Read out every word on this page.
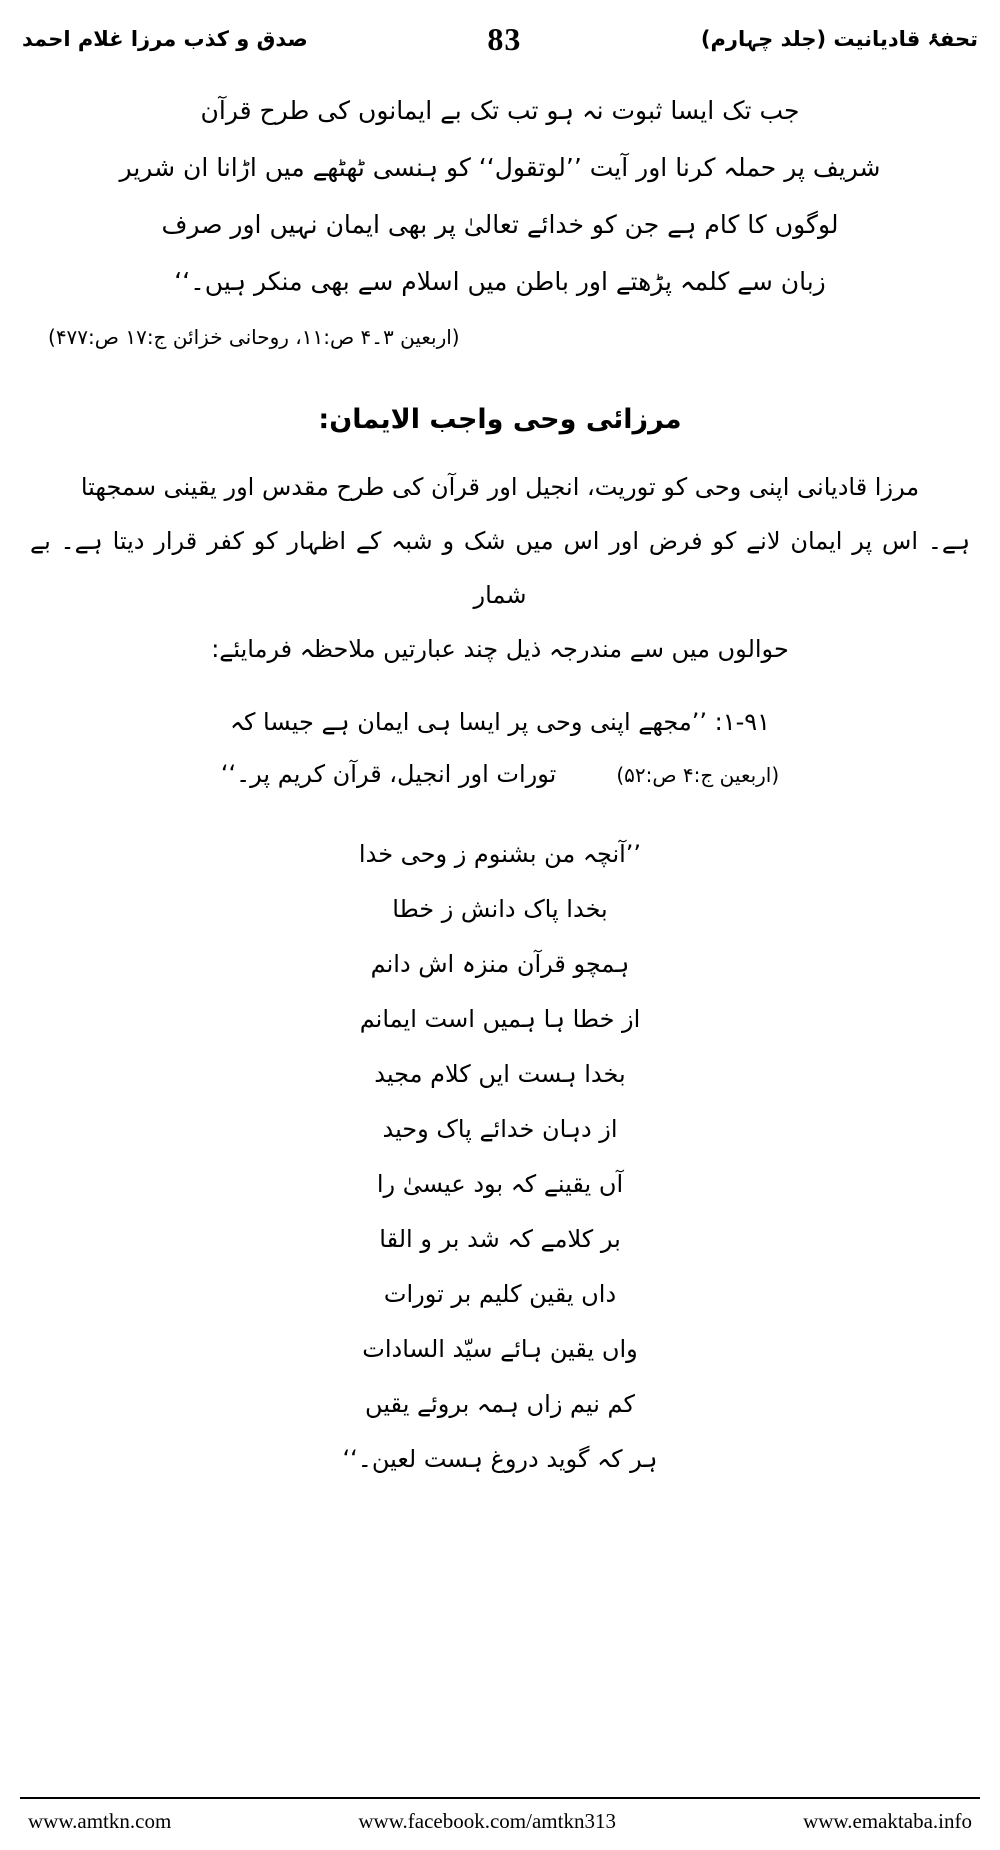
تحفۂ قادیانیت (جلد چہارم)
83
صدق و کذب مرزا غلام احمد
جب تک ایسا ثبوت نہ ہو تب تک بے ایمانوں کی طرح قرآن
شریف پر حملہ کرنا اور آیت ’’لوتقول‘‘ کو ہنسی ٹھٹھے میں اڑانا ان شریر
لوگوں کا کام ہے جن کو خدائے تعالیٰ پر بھی ایمان نہیں اور صرف
زبان سے کلمہ پڑھتے اور باطن میں اسلام سے بھی منکر ہیں۔‘‘
(اربعین ۳۔۴ ص:۱۱، روحانی خزائن ج:۱۷ ص:۴۷۷)
مرزائی وحی واجب الایمان:
مرزا قادیانی اپنی وحی کو توریت، انجیل اور قرآن کی طرح مقدس اور یقینی سمجھتا
ہے۔ اس پر ایمان لانے کو فرض اور اس میں شک و شبہ کے اظہار کو کفر قرار دیتا ہے۔ بے شمار
حوالوں میں سے مندرجہ ذیل چند عبارتیں ملاحظہ فرمایئے:
۱-۹۱: ’’مجھے اپنی وحی پر ایسا ہی ایمان ہے جیسا کہ
(اربعین ج:۴ ص:۵۲)
تورات اور انجیل، قرآن کریم پر۔‘‘
’’آنچہ من بشنوم ز وحی خدا
بخدا پاک دانش ز خطا
ہمچو قرآن منزہ اش دانم
از خطا ہا ہمیں است ایمانم
بخدا ہست ایں کلام مجید
از دہان خدائے پاک وحید
آں یقینے کہ بود عیسیٰ را
بر کلامے کہ شد بر و القا
داں یقین کلیم بر تورات
واں یقین ہائے سیّد السادات
کم نیم زاں ہمہ بروئے یقیں
ہر کہ گوید دروغ ہست لعین۔‘‘
www.amtkn.com	www.facebook.com/amtkn313	www.emaktaba.info
